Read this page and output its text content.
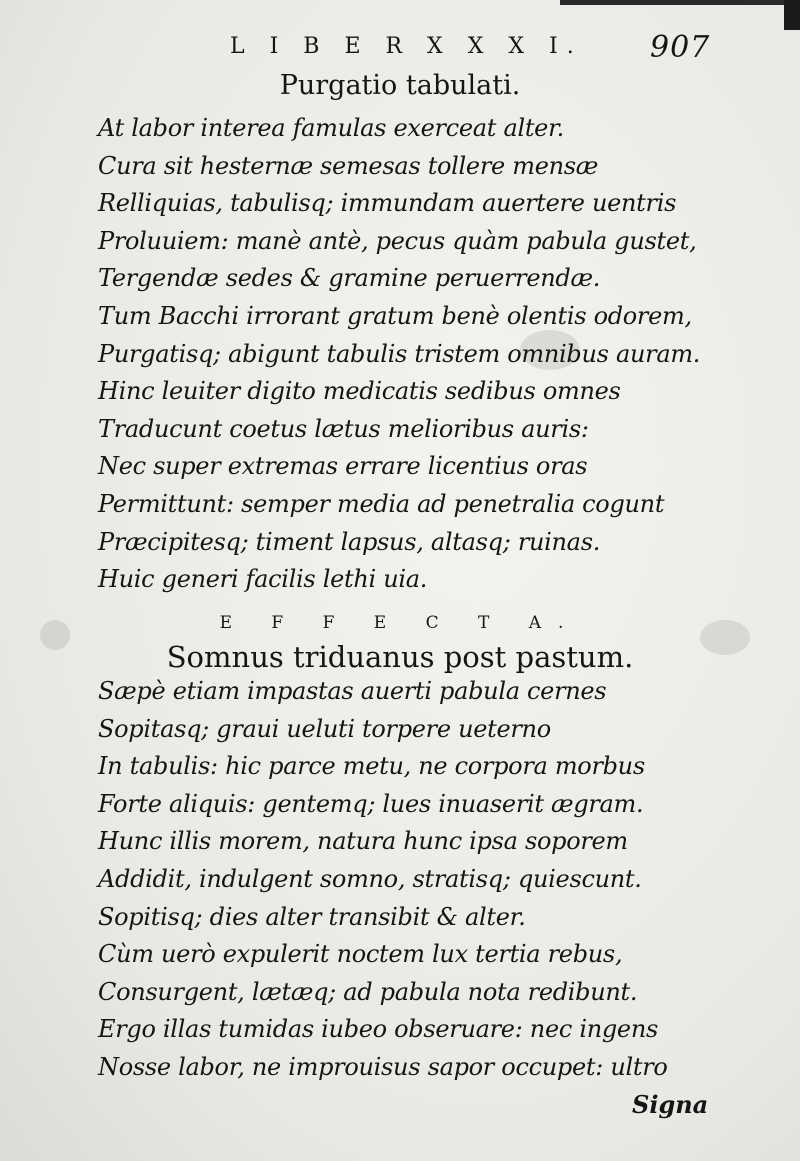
L I B E R X X X I. 907
Purgatio tabulati.
At labor interea famulas exerceat alter.
Cura sit hesternæ semesas tollere mensæ
Relliquias, tabulisq; immundam auertere uentris
Proluuiem: manè antè, pecus quàm pabula gustet,
Tergendæ sedes & gramine peruerrendæ.
Tum Bacchi irrorant gratum benè olentis odorem,
Purgatisq; abigunt tabulis tristem omnibus auram.
Hinc leuiter digito medicatis sedibus omnes
Traducunt coetus lætus melioribus auris:
Nec super extremas errare licentius oras
Permittunt: semper media ad penetralia cogunt
Præcipitesq; timent lapsus, altasq; ruinas.
Huic generi facilis lethi uia.
E F F E C T A.
Somnus triduanus post pastum.
Sæpè etiam impastas auerti pabula cernes
Sopitasq; graui ueluti torpere ueterno
In tabulis: hic parce metu, ne corpora morbus
Forte aliquis: gentemq; lues inuaserit ægram.
Hunc illis morem, natura hunc ipsa soporem
Addidit, indulgent somno, stratisq; quiescunt.
Sopitisq; dies alter transibit & alter.
Cùm uerò expulerit noctem lux tertia rebus,
Consurgent, lætæq; ad pabula nota redibunt.
Ergo illas tumidas iubeo obseruare: nec ingens
Nosse labor, ne improuisus sapor occupet: ultro
Signa
